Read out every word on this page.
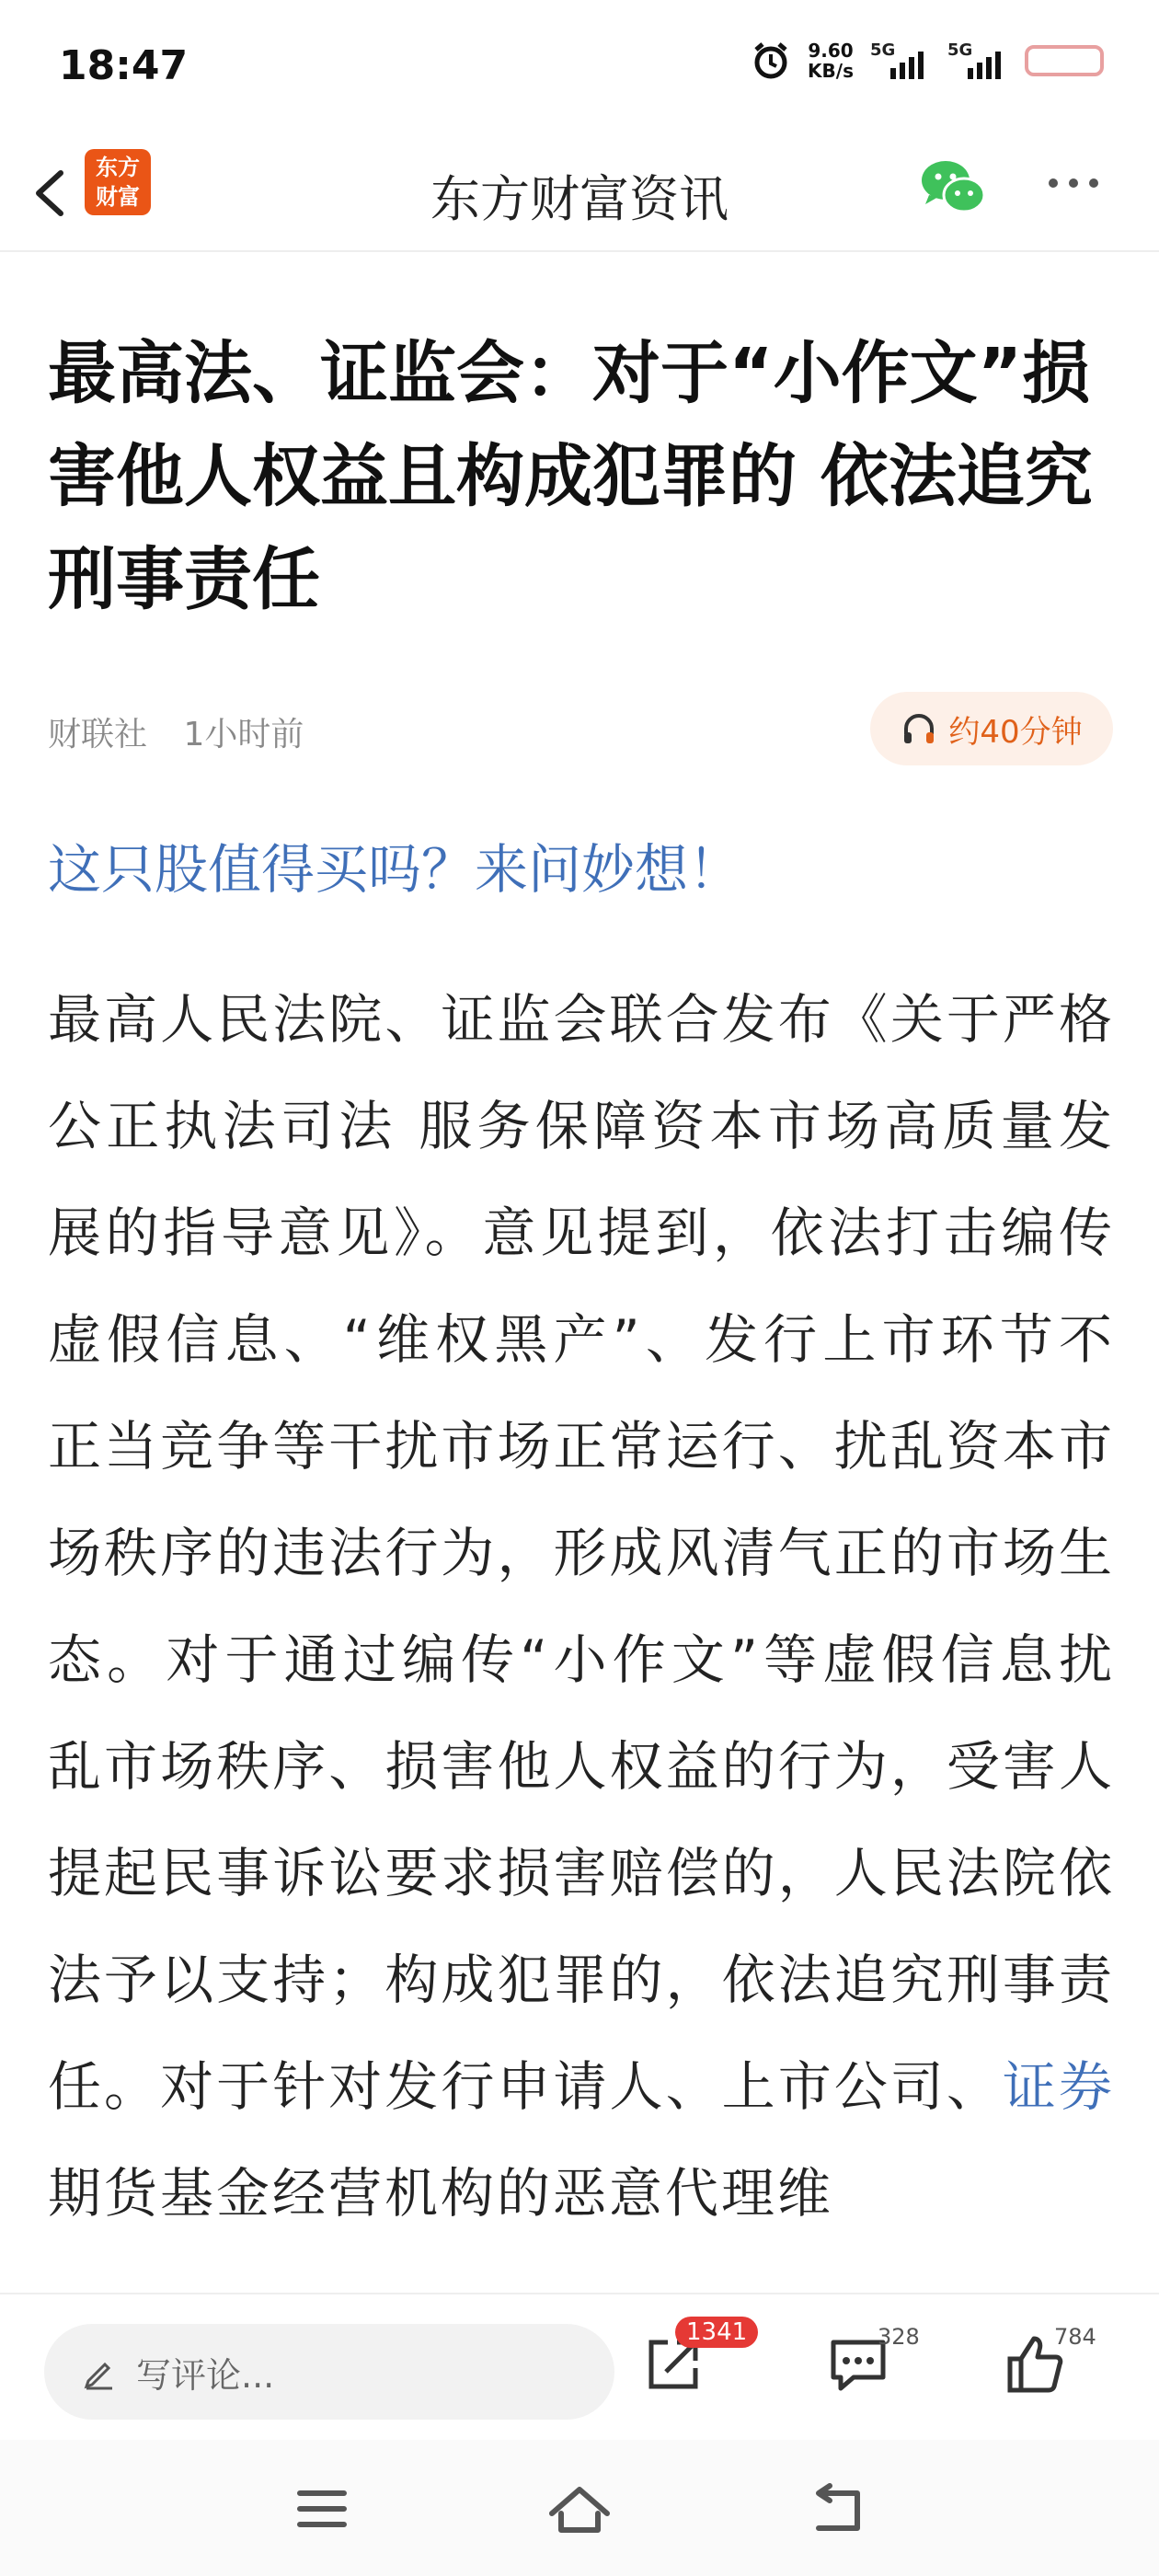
18:47	9.60
KB/s
5G	5G
东方
财富	东方财富资讯
最高法、证监会：对于“小作文”损害他人权益且构成犯罪的 依法追究刑事责任
财联社 1小时前	约40分钟
这只股值得买吗？来问妙想！

最高人民法院、证监会联合发布《关于严格公正执法司法 服务保障资本市场高质量发展的指导意见》。意见提到，依法打击编传虚假信息、“维权黑产”、发行上市环节不正当竞争等干扰市场正常运行、扰乱资本市场秩序的违法行为，形成风清气正的市场生态。对于通过编传“小作文”等虚假信息扰乱市场秩序、损害他人权益的行为，受害人提起民事诉讼要求损害赔偿的，人民法院依法予以支持；构成犯罪的，依法追究刑事责任。对于针对发行申请人、上市公司、证券期货基金经营机构的恶意代理维

写评论...
1341	328	784
